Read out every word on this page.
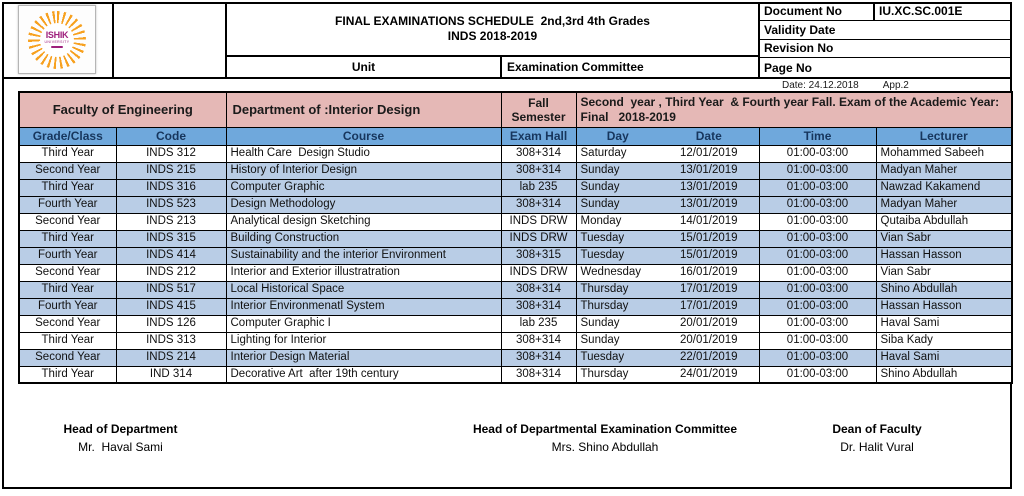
ISHIK
UNIVERSITY
FINAL EXAMINATIONS SCHEDULE  2nd,3rd 4th Grades
INDS 2018-2019
Unit	Examination Committee
Document No	IU.XC.SC.001E
Validity Date
Revision No
Page No
Date: 24.12.2018 App.2
Faculty of Engineering		Department of :Interior Design	Fall Semester	Second  year , Third Year  & Fourth year Fall. Exam of the Academic Year:
Final   2018-2019			

Grade/Class	Code	Course	Exam Hall	Day	Date	Time	Lecturer
Third Year	INDS 312	Health Care  Design Studio	308+314	Saturday	12/01/2019	01:00-03:00	Mohammed Sabeeh
Second Year	INDS 215	History of Interior Design	308+314	Sunday	13/01/2019	01:00-03:00	Madyan Maher
Third Year	INDS 316	Computer Graphic	lab 235	Sunday	13/01/2019	01:00-03:00	Nawzad Kakamend
Fourth Year	INDS 523	Design Methodology	308+314	Sunday	13/01/2019	01:00-03:00	Madyan Maher
Second Year	INDS 213	Analytical design Sketching	INDS DRW	Monday	14/01/2019	01:00-03:00	Qutaiba Abdullah
Third Year	INDS 315	Building Construction	INDS DRW	Tuesday	15/01/2019	01:00-03:00	Vian Sabr
Fourth Year	INDS 414	Sustainability and the interior Environment	308+315	Tuesday	15/01/2019	01:00-03:00	Hassan Hasson
Second Year	INDS 212	Interior and Exterior illustratration	INDS DRW	Wednesday	16/01/2019	01:00-03:00	Vian Sabr
Third Year	INDS 517	Local Historical Space	308+314	Thursday	17/01/2019	01:00-03:00	Shino Abdullah
Fourth Year	INDS 415	Interior Environmenatl System	308+314	Thursday	17/01/2019	01:00-03:00	Hassan Hasson
Second Year	INDS 126	Computer Graphic I	lab 235	Sunday	20/01/2019	01:00-03:00	Haval Sami
Third Year	INDS 313	Lighting for Interior	308+314	Sunday	20/01/2019	01:00-03:00	Siba Kady
Second Year	INDS 214	Interior Design Material	308+314	Tuesday	22/01/2019	01:00-03:00	Haval Sami
Third Year	IND 314	Decorative Art  after 19th century	308+314	Thursday	24/01/2019	01:00-03:00	Shino Abdullah
Head of Department
Mr.  Haval Sami
Head of Departmental Examination Committee
Mrs. Shino Abdullah
Dean of Faculty
Dr. Halit Vural
